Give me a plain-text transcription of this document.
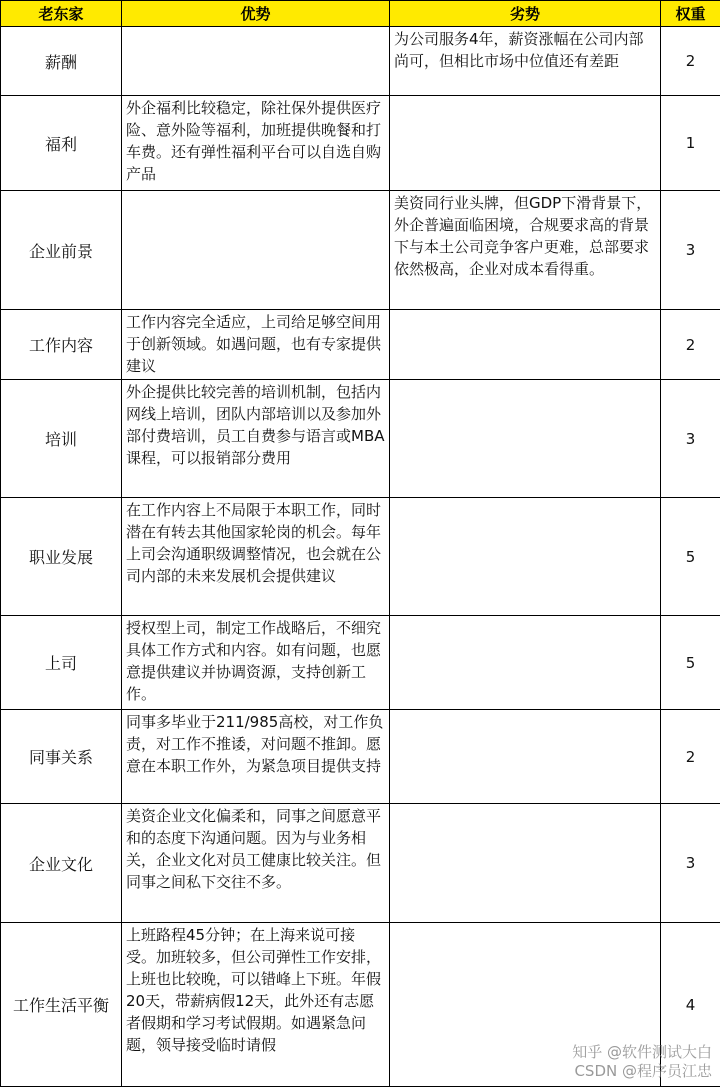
老东家	优势	劣势	权重
薪酬		为公司服务4年，薪资涨幅在公司内部尚可，但相比市场中位值还有差距	2
福利	外企福利比较稳定，除社保外提供医疗险、意外险等福利，加班提供晚餐和打车费。还有弹性福利平台可以自选自购产品		1
企业前景		美资同行业头牌，但GDP下滑背景下，外企普遍面临困境，合规要求高的背景下与本土公司竞争客户更难，总部要求依然极高，企业对成本看得重。	3
工作内容	工作内容完全适应，上司给足够空间用于创新领域。如遇问题，也有专家提供建议		2
培训	外企提供比较完善的培训机制，包括内网线上培训，团队内部培训以及参加外部付费培训，员工自费参与语言或MBA课程，可以报销部分费用		3
职业发展	在工作内容上不局限于本职工作，同时潜在有转去其他国家轮岗的机会。每年上司会沟通职级调整情况，也会就在公司内部的未来发展机会提供建议		5
上司	授权型上司，制定工作战略后，不细究具体工作方式和内容。如有问题，也愿意提供建议并协调资源，支持创新工作。		5
同事关系	同事多毕业于211/985高校，对工作负责，对工作不推诿，对问题不推卸。愿意在本职工作外，为紧急项目提供支持		2
企业文化	美资企业文化偏柔和，同事之间愿意平和的态度下沟通问题。因为与业务相关，企业文化对员工健康比较关注。但同事之间私下交往不多。		3
工作生活平衡	上班路程45分钟；在上海来说可接受。加班较多，但公司弹性工作安排，上班也比较晚，可以错峰上下班。年假20天，带薪病假12天，此外还有志愿者假期和学习考试假期。如遇紧急问题，领导接受临时请假		4
知乎 @软件测试大白
CSDN @程序员江忠
